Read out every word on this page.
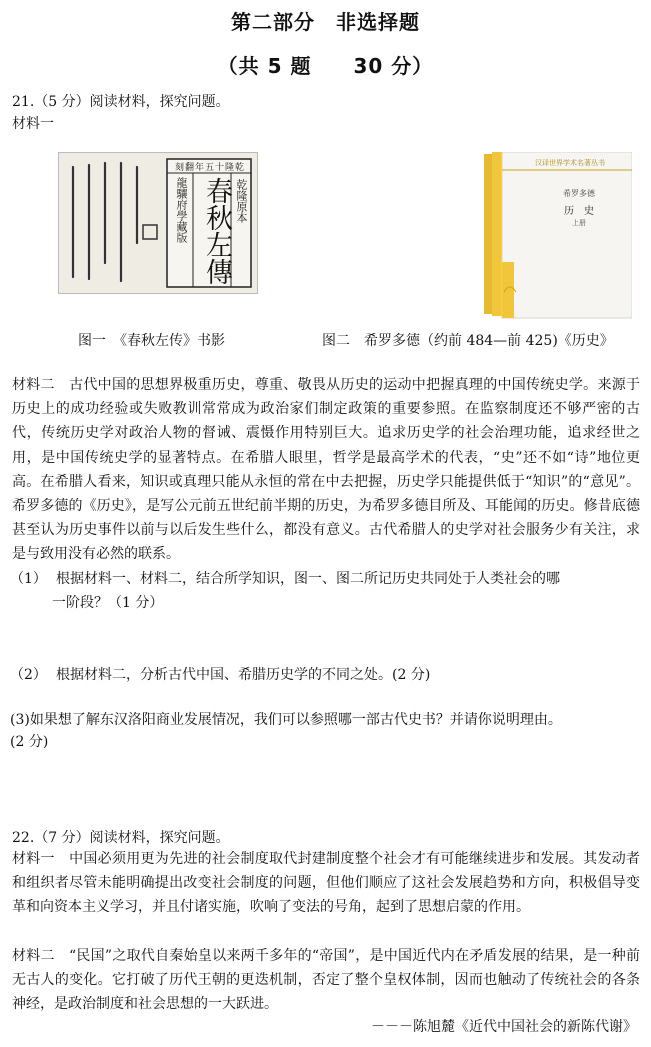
第二部分　非选择题
（共 5 题　　30 分）
21.（5 分）阅读材料，探究问题。
材料一
刻翻年五十隆乾
乾隆原本
春秋左傳
龍驤府學藏版
汉译世界学术名著丛书
希罗多德
历　史
上册
图一　《春秋左传》书影	图二　希罗多德（约前 484—前 425)《历史》
材料二　古代中国的思想界极重历史，尊重、敬畏从历史的运动中把握真理的中国传统史学。来源于历史上的成功经验或失败教训常常成为政治家们制定政策的重要参照。在监察制度还不够严密的古代，传统历史学对政治人物的督诫、震慑作用特别巨大。追求历史学的社会治理功能，追求经世之用，是中国传统史学的显著特点。在希腊人眼里，哲学是最高学术的代表，“史”还不如“诗”地位更高。在希腊人看来，知识或真理只能从永恒的常在中去把握，历史学只能提供低于“知识”的“意见”。希罗多德的《历史》，是写公元前五世纪前半期的历史，为希罗多德目所及、耳能闻的历史。修昔底德甚至认为历史事件以前与以后发生些什么，都没有意义。古代希腊人的史学对社会服务少有关注，求是与致用没有必然的联系。
（1） 根据材料一、材料二，结合所学知识，图一、图二所记历史共同处于人类社会的哪
一阶段？（1 分）
（2） 根据材料二，分析古代中国、希腊历史学的不同之处。(2 分)
(3)如果想了解东汉洛阳商业发展情况，我们可以参照哪一部古代史书？并请你说明理由。
(2 分)
22.（7 分）阅读材料，探究问题。
材料一　中国必须用更为先进的社会制度取代封建制度整个社会才有可能继续进步和发展。其发动者和组织者尽管未能明确提出改变社会制度的问题，但他们顺应了这社会发展趋势和方向，积极倡导变革和向资本主义学习，并且付诸实施，吹响了变法的号角，起到了思想启蒙的作用。
材料二　“民国”之取代自秦始皇以来两千多年的“帝国”，是中国近代内在矛盾发展的结果，是一种前无古人的变化。它打破了历代王朝的更迭机制，否定了整个皇权体制，因而也触动了传统社会的各条神经，是政治制度和社会思想的一大跃进。
－－－陈旭麓《近代中国社会的新陈代谢》
